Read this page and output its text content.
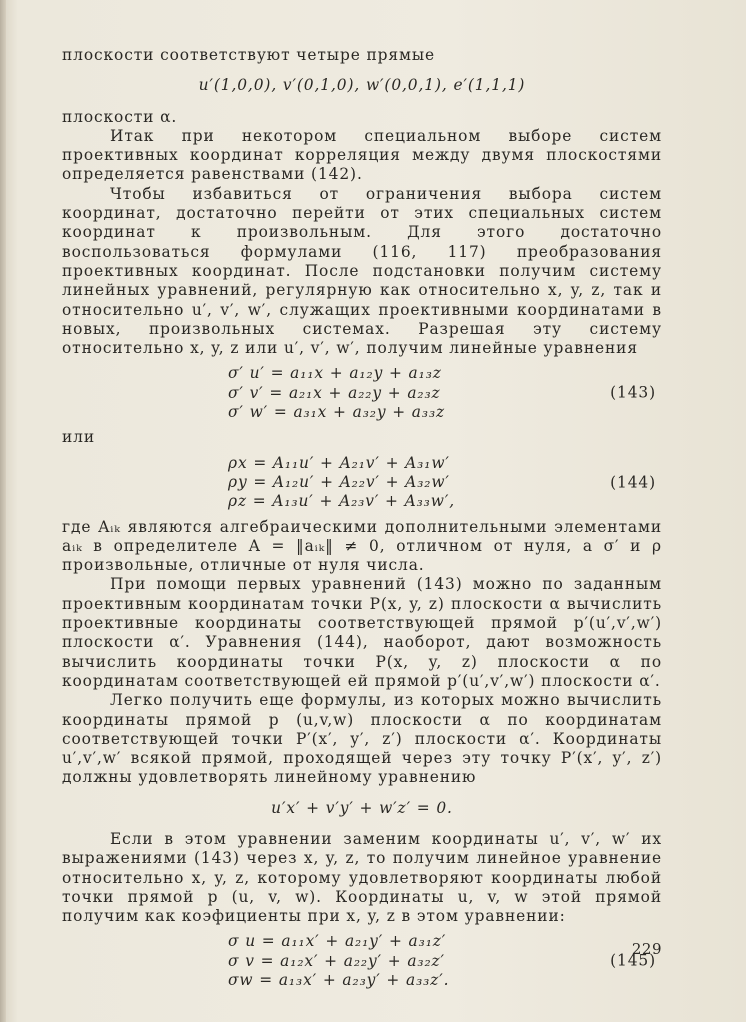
плоскости соответствуют четыре прямые

u′(1,0,0), v′(0,1,0), w′(0,0,1), e′(1,1,1)

плоскости α.

Итак при некотором специальном выборе систем проективных координат корреляция между двумя плоскостями определяется равенствами (142).

Чтобы избавиться от ограничения выбора систем координат, достаточно перейти от этих специальных систем координат к произвольным. Для этого достаточно воспользоваться формулами (116, 117) преобразования проективных координат. После подстановки получим систему линейных уравнений, регулярную как относительно x, y, z, так и относительно u′, v′, w′, служащих проективными координатами в новых, произвольных системах. Разрешая эту систему относительно x, y, z или u′, v′, w′, получим линейные уравнения

σ′ u′ = a₁₁x + a₁₂y + a₁₃z
σ′ v′ = a₂₁x + a₂₂y + a₂₃z
σ′ w′ = a₃₁x + a₃₂y + a₃₃z
(143)

или

ρx = A₁₁u′ + A₂₁v′ + A₃₁w′
ρy = A₁₂u′ + A₂₂v′ + A₃₂w′
ρz = A₁₃u′ + A₂₃v′ + A₃₃w′,
(144)

где Aᵢₖ являются алгебраическими дополнительными элементами aᵢₖ в определителе A = ‖aᵢₖ‖ ≠ 0, отличном от нуля, а σ′ и ρ произвольные, отличные от нуля числа.

При помощи первых уравнений (143) можно по заданным проективным координатам точки P(x, y, z) плоскости α вычислить проективные координаты соответствующей прямой p′(u′,v′,w′) плоскости α′. Уравнения (144), наоборот, дают возможность вычислить координаты точки P(x, y, z) плоскости α по координатам соответствующей ей прямой p′(u′,v′,w′) плоскости α′.

Легко получить еще формулы, из которых можно вычислить координаты прямой p (u,v,w) плоскости α по координатам соответствующей точки P′(x′, y′, z′) плоскости α′. Координаты u′,v′,w′ всякой прямой, проходящей через эту точку P′(x′, y′, z′) должны удовлетворять линейному уравнению

u′x′ + v′y′ + w′z′ = 0.

Если в этом уравнении заменим координаты u′, v′, w′ их выражениями (143) через x, y, z, то получим линейное уравнение относительно x, y, z, которому удовлетворяют координаты любой точки прямой p (u, v, w). Координаты u, v, w этой прямой получим как коэфициенты при x, y, z в этом уравнении:

σ u = a₁₁x′ + a₂₁y′ + a₃₁z′
σ v = a₁₂x′ + a₂₂y′ + a₃₂z′
σw = a₁₃x′ + a₂₃y′ + a₃₃z′.
(145)
229
